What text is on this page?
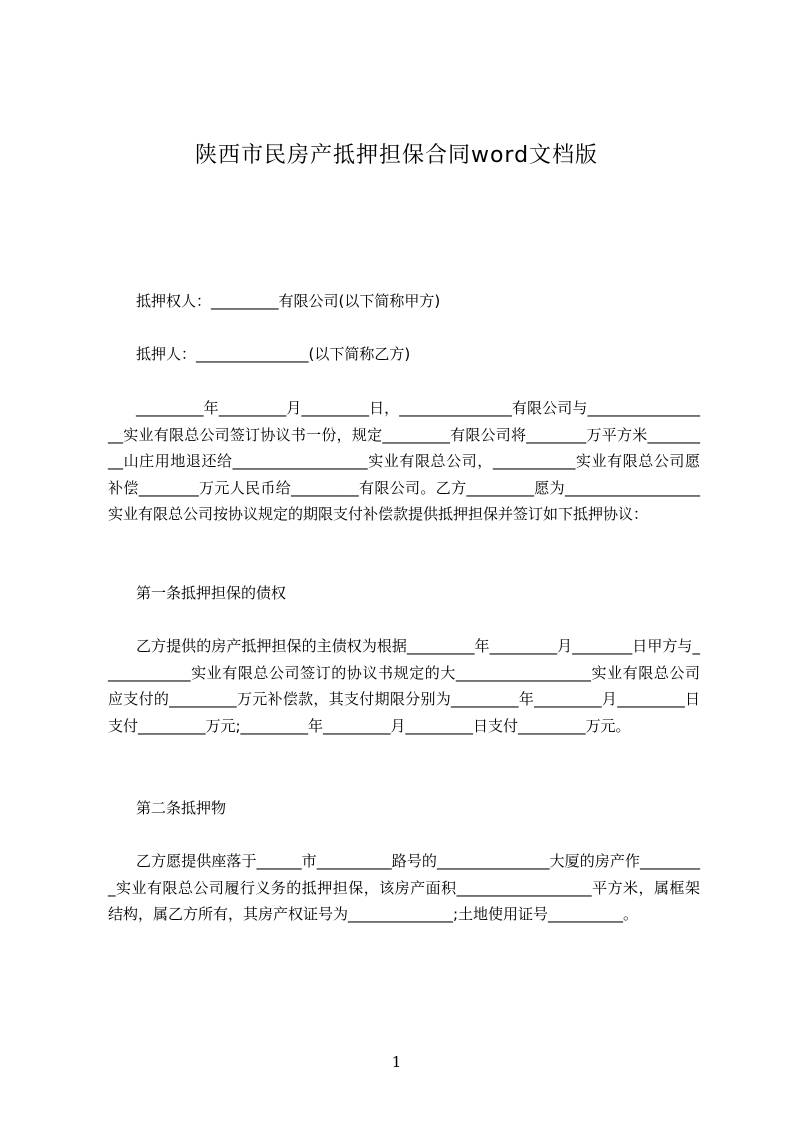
陕西市民房产抵押担保合同word文档版

抵押权人：_________有限公司(以下简称甲方)

抵押人：_______________(以下简称乙方)

_________年_________月_________日，_______________有限公司与_________________实业有限总公司签订协议书一份，规定_________有限公司将________万平方米_________山庄用地退还给__________________实业有限总公司，___________实业有限总公司愿补偿________万元人民币给_________有限公司。乙方_________愿为__________________实业有限总公司按协议规定的期限支付补偿款提供抵押担保并签订如下抵押协议：

第一条抵押担保的债权

乙方提供的房产抵押担保的主债权为根据_________年_________月________日甲方与____________实业有限总公司签订的协议书规定的大__________________实业有限总公司应支付的_________万元补偿款，其支付期限分别为_________年_________月_________日支付_________万元;_________年_________月_________日支付_________万元。

第二条抵押物

乙方愿提供座落于______市__________路号的_______________大厦的房产作_________实业有限总公司履行义务的抵押担保，该房产面积__________________平方米，属框架结构，属乙方所有，其房产权证号为______________;土地使用证号__________。

1
